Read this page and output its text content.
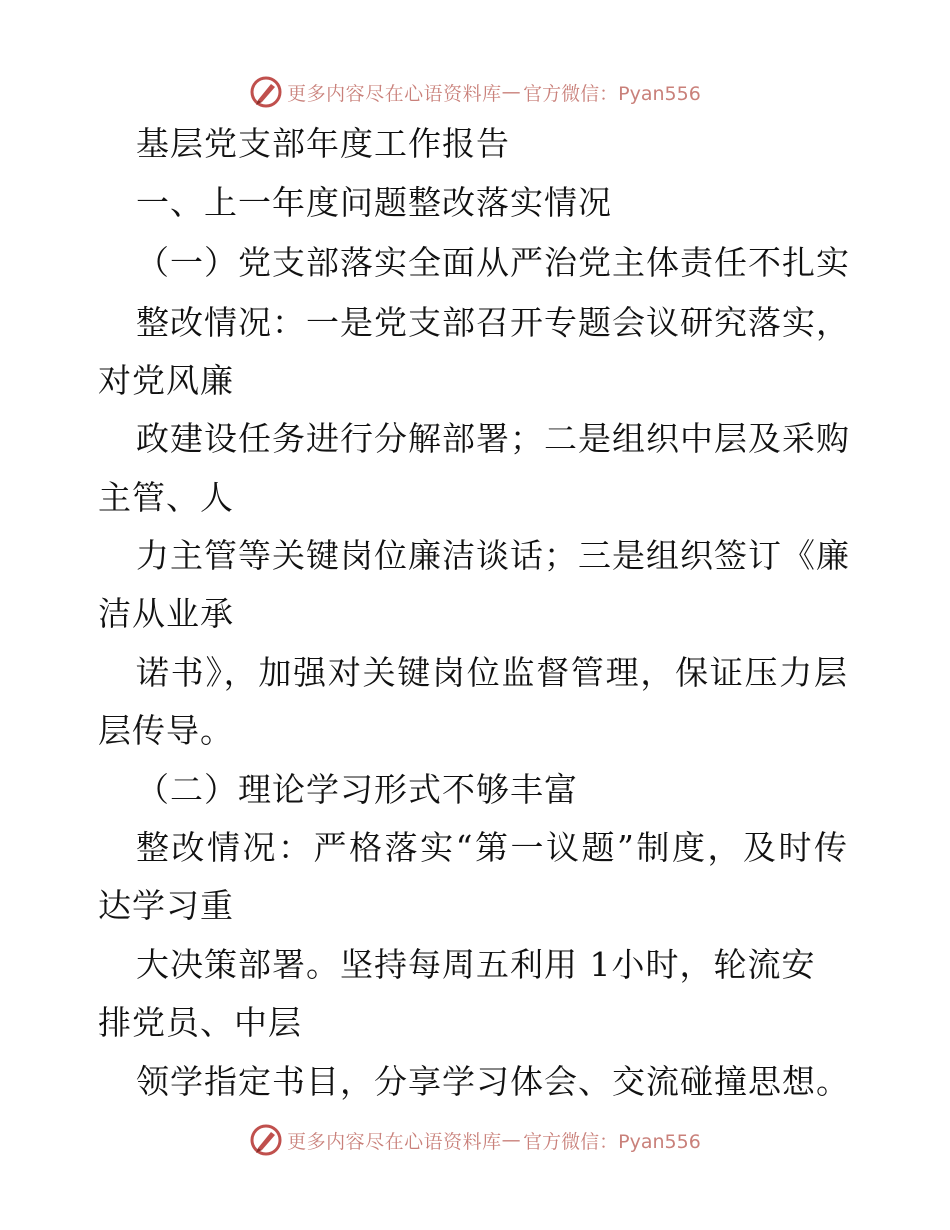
更多内容尽在心语资料库 — 官方微信：Pyan556
基层党支部年度工作报告
一、上一年度问题整改落实情况
（一）党支部落实全面从严治党主体责任不扎实
整改情况：一是党支部召开专题会议研究落实，
对党风廉
政建设任务进行分解部署；二是组织中层及采购
主管、人
力主管等关键岗位廉洁谈话；三是组织签订《廉
洁从业承
诺书》，加强对关键岗位监督管理，保证压力层
层传导。
（二）理论学习形式不够丰富
整改情况：严格落实“第一议题”制度，及时传
达学习重
大决策部署。坚持每周五利用 1小时，轮流安
排党员、中层
领学指定书目，分享学习体会、交流碰撞思想。
更多内容尽在心语资料库 — 官方微信：Pyan556
